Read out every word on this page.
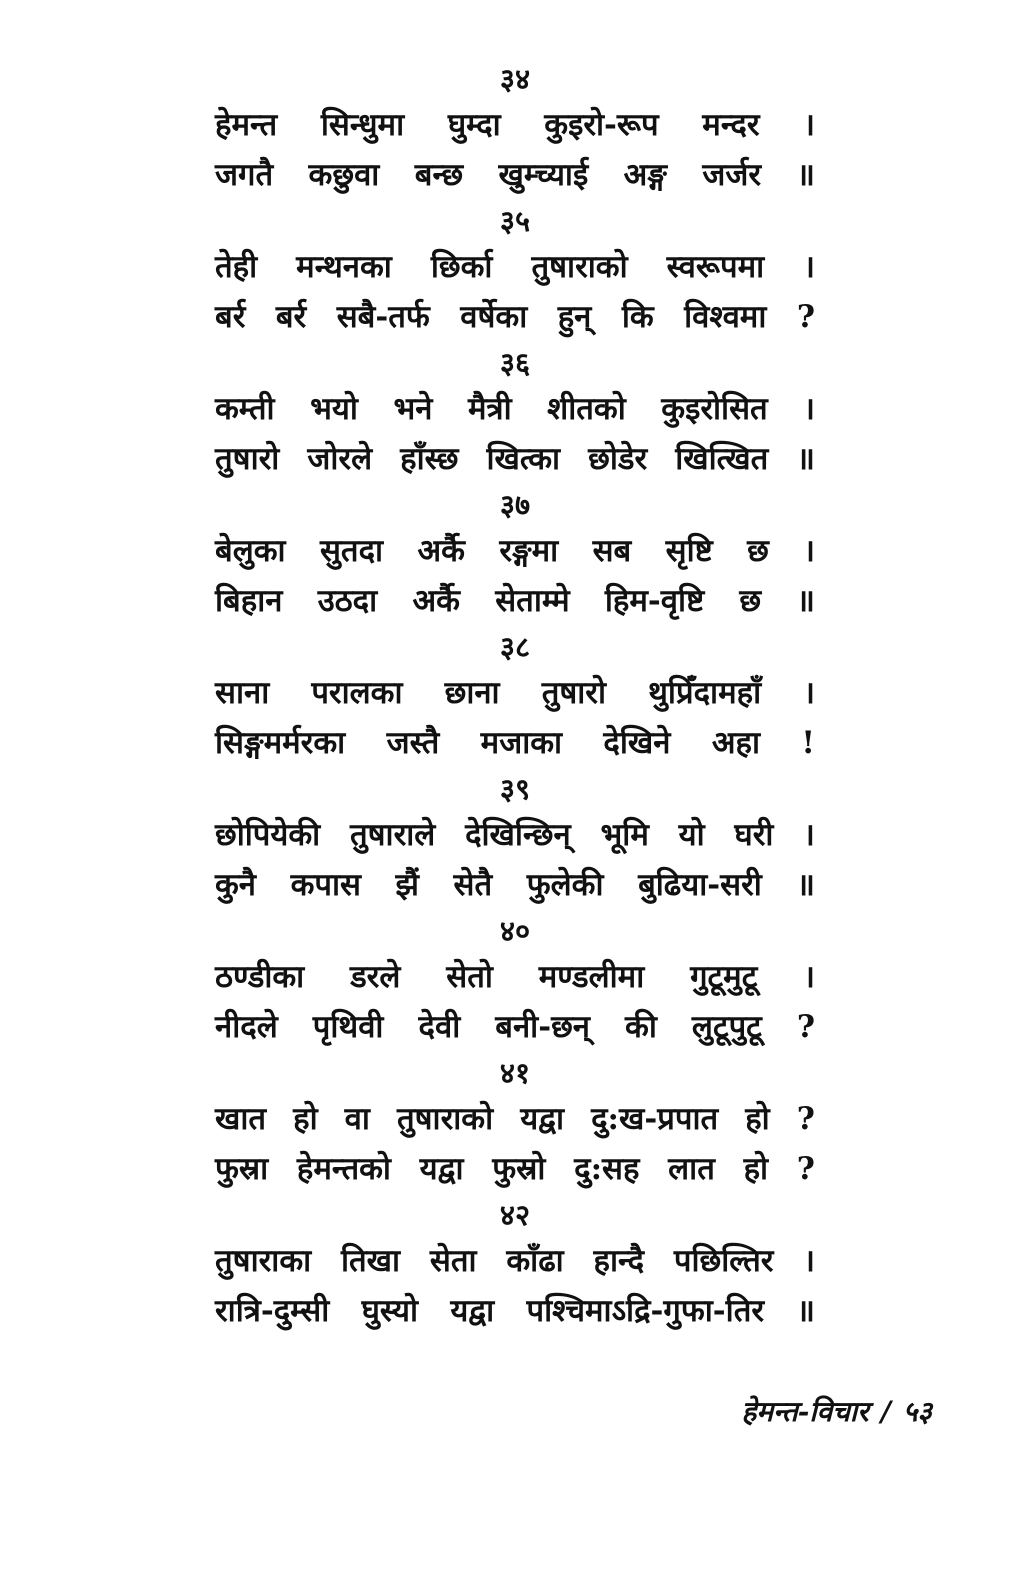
३४
हेमन्त सिन्धुमा घुम्दा कुइरो-रूप मन्दर ।
जगतै कछुवा बन्छ खुम्च्याई अङ्ग जर्जर ॥
३५
तेही मन्थनका छिर्का तुषाराको स्वरूपमा ।
बर्र बर्र सबै-तर्फ वर्षेका हुन् कि विश्वमा ?
३६
कम्ती भयो भने मैत्री शीतको कुइरोसित ।
तुषारो जोरले हाँस्छ खित्का छोडेर खित्खित ॥
३७
बेलुका सुतदा अर्कै रङ्गमा सब सृष्टि छ ।
बिहान उठदा अर्कै सेताम्मे हिम-वृष्टि छ ॥
३८
साना परालका छाना तुषारो थुप्रिँदामहाँ ।
सिङ्गमर्मरका जस्तै मजाका देखिने अहा !
३९
छोपियेकी तुषाराले देखिन्छिन् भूमि यो घरी ।
कुनै कपास झैं सेतै फुलेकी बुढिया-सरी ॥
४०
ठण्डीका डरले सेतो मण्डलीमा गुटूमुटू ।
नीदले पृथिवी देवी बनी-छन् की लुटूपुटू ?
४१
खात हो वा तुषाराको यद्वा दु:ख-प्रपात हो ?
फुस्रा हेमन्तको यद्वा फुस्रो दु:सह लात हो ?
४२
तुषाराका तिखा सेता काँढा हान्दै पछिल्तिर ।
रात्रि-दुम्सी घुस्यो यद्वा पश्चिमाऽद्रि-गुफा-तिर ॥
हेमन्त-विचार / ५३
